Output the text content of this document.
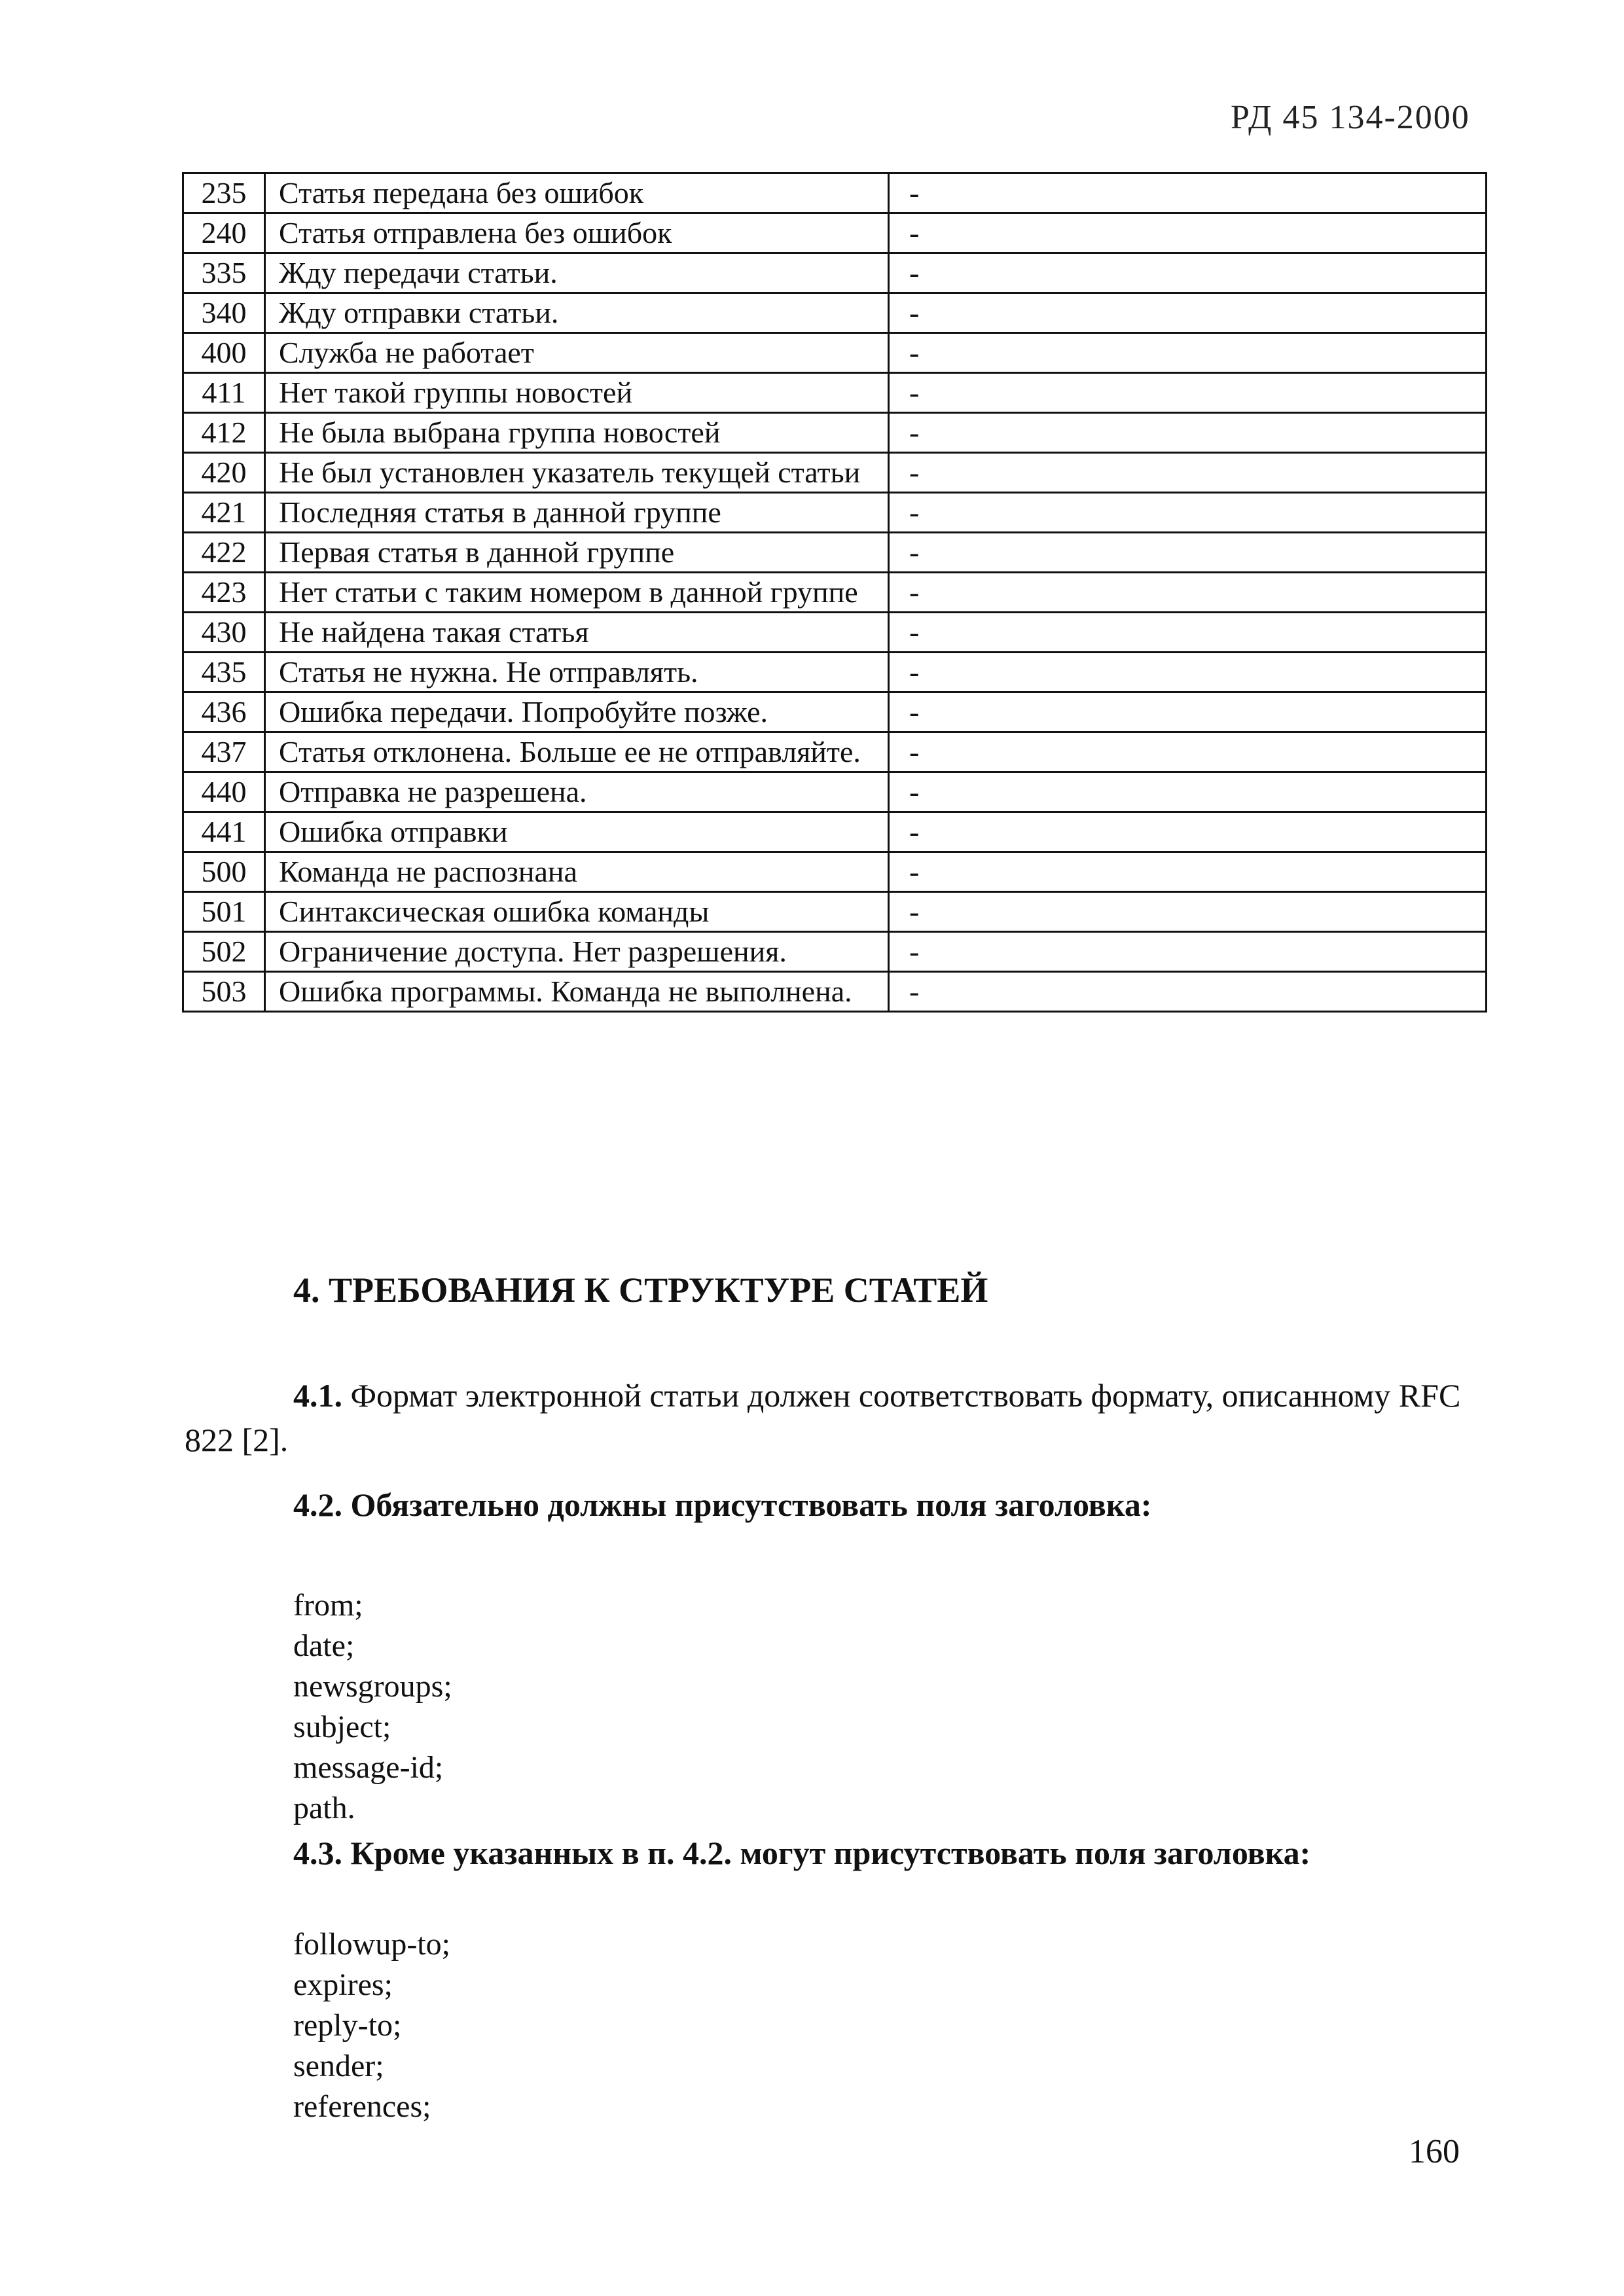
РД 45 134-2000
235	Статья передана без ошибок	-
240	Статья отправлена без ошибок	-
335	Жду передачи статьи.	-
340	Жду отправки статьи.	-
400	Служба не работает	-
411	Нет такой группы новостей	-
412	Не была выбрана группа новостей	-
420	Не был установлен указатель текущей статьи	-
421	Последняя статья в данной группе	-
422	Первая статья в данной группе	-
423	Нет статьи с таким номером в данной группе	-
430	Не найдена такая статья	-
435	Статья не нужна. Не отправлять.	-
436	Ошибка передачи. Попробуйте позже.	-
437	Статья отклонена. Больше ее не отправляйте.	-
440	Отправка не разрешена.	-
441	Ошибка отправки	-
500	Команда не распознана	-
501	Синтаксическая ошибка команды	-
502	Ограничение доступа. Нет разрешения.	-
503	Ошибка программы. Команда не выполнена.	-
4. ТРЕБОВАНИЯ К СТРУКТУРЕ СТАТЕЙ
4.1. Формат электронной статьи должен соответствовать формату, описанному RFC 822 [2].
4.2. Обязательно должны присутствовать поля заголовка:
from;
date;
newsgroups;
subject;
message-id;
path.
4.3. Кроме указанных в п. 4.2. могут присутствовать поля заголовка:
followup-to;
expires;
reply-to;
sender;
references;
160
